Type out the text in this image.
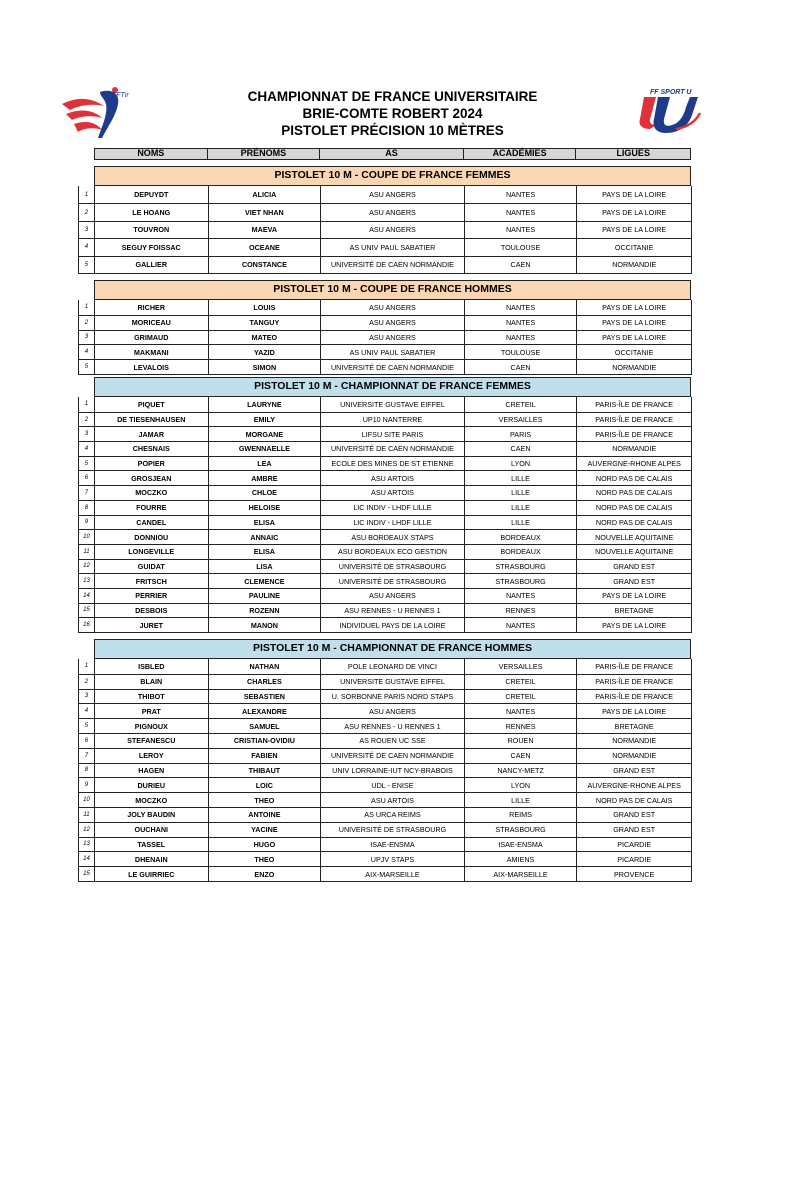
FFTir	CHAMPIONNAT DE FRANCE UNIVERSITAIRE
BRIE-COMTE ROBERT 2024
PISTOLET PRÉCISION 10 MÈTRES
FF SPORT U
NOMS	PRÉNOMS	AS	ACADÉMIES	LIGUES
PISTOLET 10 M - COUPE DE FRANCE FEMMES
1	DEPUYDT	ALICIA	ASU ANGERS	NANTES	PAYS DE LA LOIRE
2	LE HOANG	VIET NHAN	ASU ANGERS	NANTES	PAYS DE LA LOIRE
3	TOUVRON	MAEVA	ASU ANGERS	NANTES	PAYS DE LA LOIRE
4	SEGUY FOISSAC	OCEANE	AS UNIV PAUL SABATIER	TOULOUSE	OCCITANIE
5	GALLIER	CONSTANCE	UNIVERSITÉ DE CAEN NORMANDIE	CAEN	NORMANDIE
PISTOLET 10 M - COUPE DE FRANCE HOMMES
1	RICHER	LOUIS	ASU ANGERS	NANTES	PAYS DE LA LOIRE
2	MORICEAU	TANGUY	ASU ANGERS	NANTES	PAYS DE LA LOIRE
3	GRIMAUD	MATEO	ASU ANGERS	NANTES	PAYS DE LA LOIRE
4	MAKMANI	YAZID	AS UNIV PAUL SABATIER	TOULOUSE	OCCITANIE
5	LEVALOIS	SIMON	UNIVERSITÉ DE CAEN NORMANDIE	CAEN	NORMANDIE
PISTOLET 10 M - CHAMPIONNAT DE FRANCE FEMMES
1	PIQUET	LAURYNE	UNIVERSITE GUSTAVE EIFFEL	CRETEIL	PARIS-ÎLE DE FRANCE
2	DE TIESENHAUSEN	EMILY	UP10 NANTERRE	VERSAILLES	PARIS-ÎLE DE FRANCE
3	JAMAR	MORGANE	LIFSU SITE PARIS	PARIS	PARIS-ÎLE DE FRANCE
4	CHESNAIS	GWENNAELLE	UNIVERSITÉ DE CAEN NORMANDIE	CAEN	NORMANDIE
5	POPIER	LEA	ECOLE DES MINES DE ST ETIENNE	LYON	AUVERGNE-RHONE ALPES
6	GROSJEAN	AMBRE	ASU ARTOIS	LILLE	NORD PAS DE CALAIS
7	MOCZKO	CHLOE	ASU ARTOIS	LILLE	NORD PAS DE CALAIS
8	FOURRE	HELOISE	LIC INDIV - LHDF LILLE	LILLE	NORD PAS DE CALAIS
9	CANDEL	ELISA	LIC INDIV - LHDF LILLE	LILLE	NORD PAS DE CALAIS
10	DONNIOU	ANNAIC	ASU BORDEAUX STAPS	BORDEAUX	NOUVELLE AQUITAINE
11	LONGEVILLE	ELISA	ASU BORDEAUX ECO GESTION	BORDEAUX	NOUVELLE AQUITAINE
12	GUIDAT	LISA	UNIVERSITÉ DE STRASBOURG	STRASBOURG	GRAND EST
13	FRITSCH	CLEMENCE	UNIVERSITÉ DE STRASBOURG	STRASBOURG	GRAND EST
14	PERRIER	PAULINE	ASU ANGERS	NANTES	PAYS DE LA LOIRE
15	DESBOIS	ROZENN	ASU RENNES - U RENNES 1	RENNES	BRETAGNE
16	JURET	MANON	INDIVIDUEL PAYS DE LA LOIRE	NANTES	PAYS DE LA LOIRE
PISTOLET 10 M - CHAMPIONNAT DE FRANCE HOMMES
1	ISBLED	NATHAN	POLE LEONARD DE VINCI	VERSAILLES	PARIS-ÎLE DE FRANCE
2	BLAIN	CHARLES	UNIVERSITE GUSTAVE EIFFEL	CRETEIL	PARIS-ÎLE DE FRANCE
3	THIBOT	SEBASTIEN	U. SORBONNE PARIS NORD STAPS	CRETEIL	PARIS-ÎLE DE FRANCE
4	PRAT	ALEXANDRE	ASU ANGERS	NANTES	PAYS DE LA LOIRE
5	PIGNOUX	SAMUEL	ASU RENNES - U RENNES 1	RENNES	BRETAGNE
6	STEFANESCU	CRISTIAN-OVIDIU	AS ROUEN UC SSE	ROUEN	NORMANDIE
7	LEROY	FABIEN	UNIVERSITÉ DE CAEN NORMANDIE	CAEN	NORMANDIE
8	HAGEN	THIBAUT	UNIV LORRAINE-IUT NCY-BRABOIS	NANCY-METZ	GRAND EST
9	DURIEU	LOIC	UDL - ENISE	LYON	AUVERGNE-RHONE ALPES
10	MOCZKO	THEO	ASU ARTOIS	LILLE	NORD PAS DE CALAIS
11	JOLY BAUDIN	ANTOINE	AS URCA REIMS	REIMS	GRAND EST
12	OUCHANI	YACINE	UNIVERSITÉ DE STRASBOURG	STRASBOURG	GRAND EST
13	TASSEL	HUGO	ISAE-ENSMA	ISAE-ENSMA	PICARDIE
14	DHENAIN	THEO	UPJV STAPS	AMIENS	PICARDIE
15	LE GUIRRIEC	ENZO	AIX-MARSEILLE	AIX-MARSEILLE	PROVENCE
